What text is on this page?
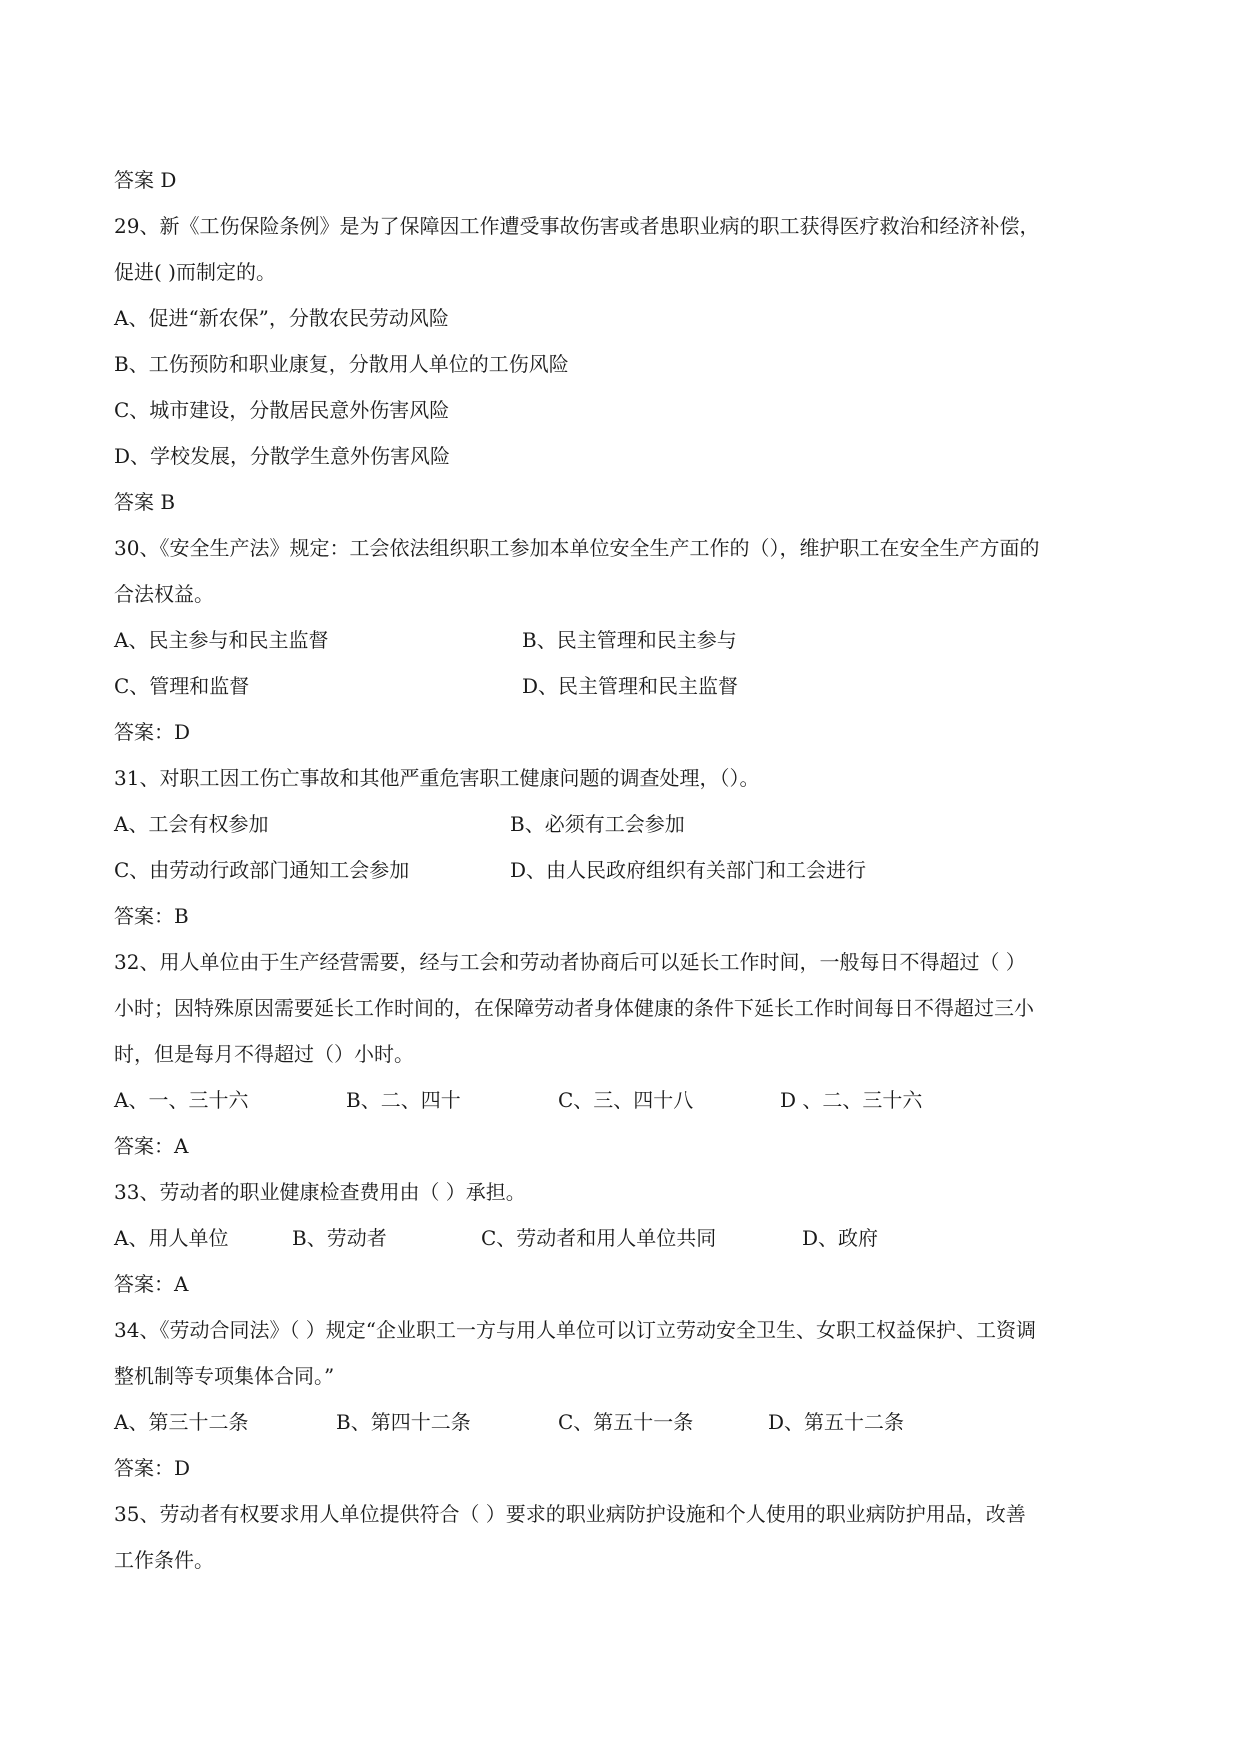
答案 D
29、新《工伤保险条例》是为了保障因工作遭受事故伤害或者患职业病的职工获得医疗救治和经济补偿，
促进( )而制定的。
A、促进“新农保”，分散农民劳动风险
B、工伤预防和职业康复，分散用人单位的工伤风险
C、城市建设，分散居民意外伤害风险
D、学校发展，分散学生意外伤害风险
答案 B
30、《安全生产法》规定：工会依法组织职工参加本单位安全生产工作的（），维护职工在安全生产方面的
合法权益。
A、民主参与和民主监督	B、民主管理和民主参与
C、管理和监督	D、民主管理和民主监督
答案：D
31、对职工因工伤亡事故和其他严重危害职工健康问题的调查处理，（）。
A、工会有权参加	B、必须有工会参加
C、由劳动行政部门通知工会参加	D、由人民政府组织有关部门和工会进行
答案：B
32、用人单位由于生产经营需要，经与工会和劳动者协商后可以延长工作时间，一般每日不得超过（ ）
小时；因特殊原因需要延长工作时间的，在保障劳动者身体健康的条件下延长工作时间每日不得超过三小
时，但是每月不得超过（）小时。
A、一、三十六	B、二、四十	C、三、四十八	D 、二、三十六
答案：A
33、劳动者的职业健康检查费用由（ ）承担。
A、用人单位	B、劳动者	C、劳动者和用人单位共同	D、政府
答案：A
34、《劳动合同法》（ ）规定“企业职工一方与用人单位可以订立劳动安全卫生、女职工权益保护、工资调
整机制等专项集体合同。”
A、第三十二条	B、第四十二条	C、第五十一条	D、第五十二条
答案：D
35、劳动者有权要求用人单位提供符合（ ）要求的职业病防护设施和个人使用的职业病防护用品，改善
工作条件。
